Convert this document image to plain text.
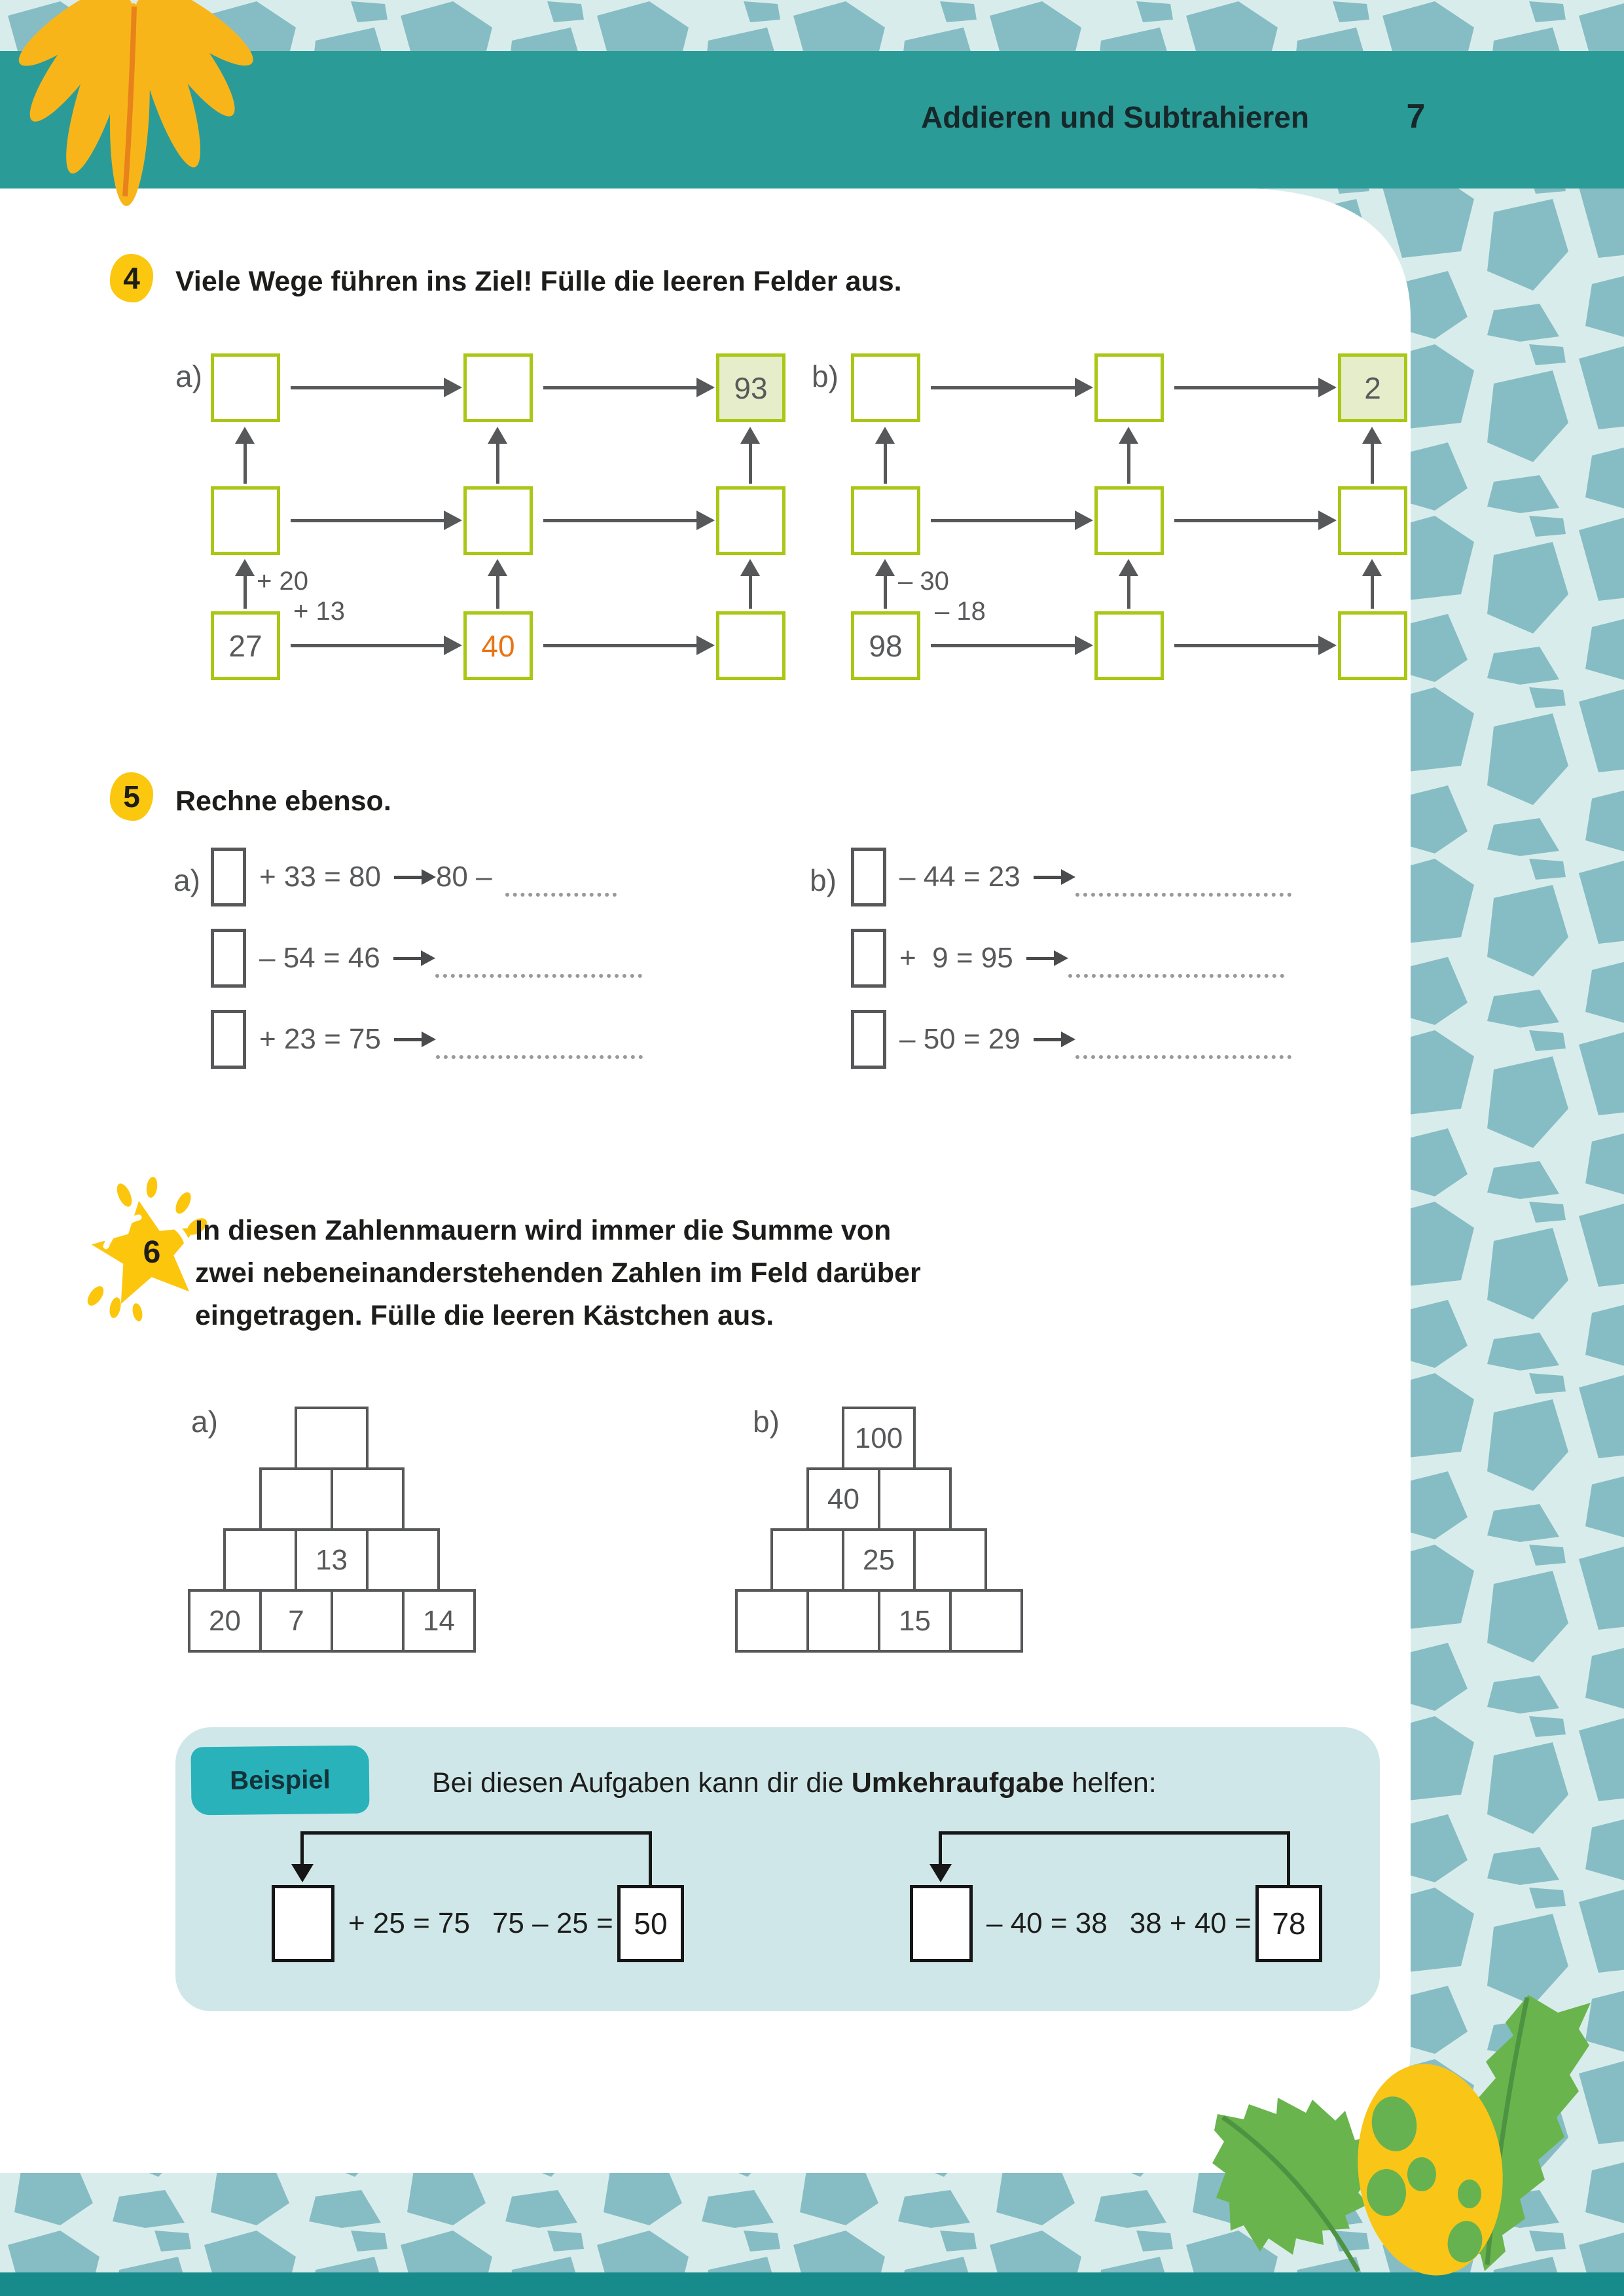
Addieren und Subtrahieren	7
4	Viele Wege führen ins Ziel! Fülle die leeren Felder aus.
a)	93
27	40
+ 20
+ 13
b)	2
98
– 30
– 18
5	Rechne ebenso.
a) + 33 = 80 80 –
– 54 = 46
+ 23 = 75
b) – 44 = 23
+  9 = 95
– 50 = 29
6
In diesen Zahlenmauern wird immer die Summe von
zwei nebeneinanderstehenden Zahlen im Feld darüber
eingetragen. Fülle die leeren Kästchen aus.
a)
13
20 7	14
b)	100
40
25
15
Beispiel	Bei diesen Aufgaben kann dir die Umkehraufgabe helfen:
+ 25 = 75 75 – 25 = 50	– 40 = 38 38 + 40 = 78
